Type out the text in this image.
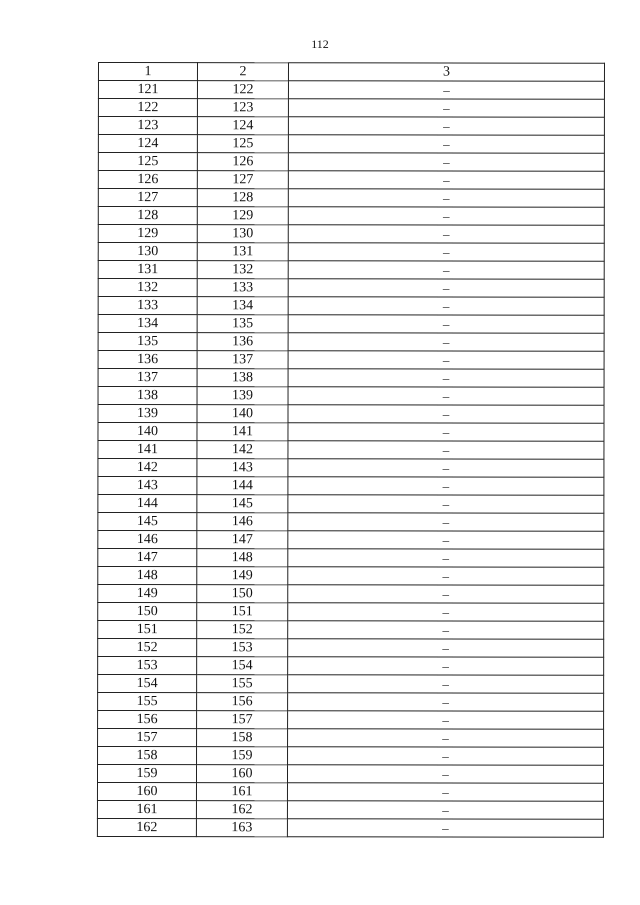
112
1	2	3
121	122	–
122	123	–
123	124	–
124	125	–
125	126	–
126	127	–
127	128	–
128	129	–
129	130	–
130	131	–
131	132	–
132	133	–
133	134	–
134	135	–
135	136	–
136	137	–
137	138	–
138	139	–
139	140	–
140	141	–
141	142	–
142	143	–
143	144	–
144	145	–
145	146	–
146	147	–
147	148	–
148	149	–
149	150	–
150	151	–
151	152	–
152	153	–
153	154	–
154	155	–
155	156	–
156	157	–
157	158	–
158	159	–
159	160	–
160	161	–
161	162	–
162	163	–
